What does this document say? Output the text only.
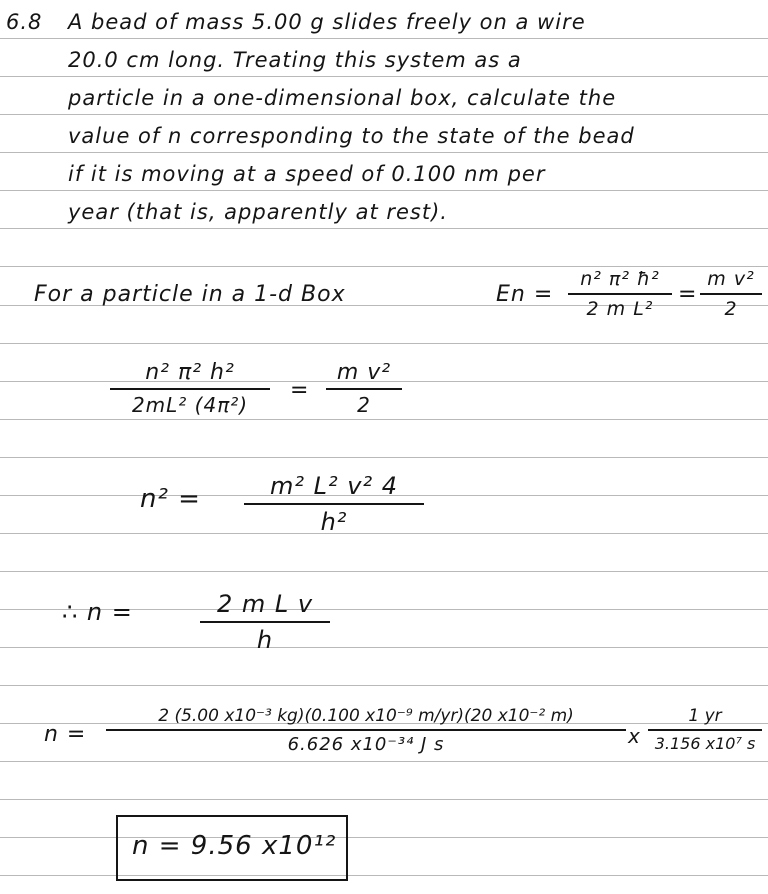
6.8 A bead of mass 5.00 g slides freely on a wire
20.0 cm long. Treating this system as a
particle in a one-dimensional box, calculate the
value of n corresponding to the state of the bead
if it is moving at a speed of 0.100 nm per
year (that is, apparently at rest).
For a particle in a 1-d Box	En =
n² π² ħ²
2 m L²
=
m v²
2
n² π² h²
2mL² (4π²)
=
m v²
2
n² =	m² L² v² 4
h²
∴ n =	2 m L v
h
n =
2 (5.00 x10⁻³ kg)(0.100 x10⁻⁹ m/yr)(20 x10⁻² m)
6.626 x10⁻³⁴ J s	x
1 yr
3.156 x10⁷ s
n = 9.56 x10¹²
